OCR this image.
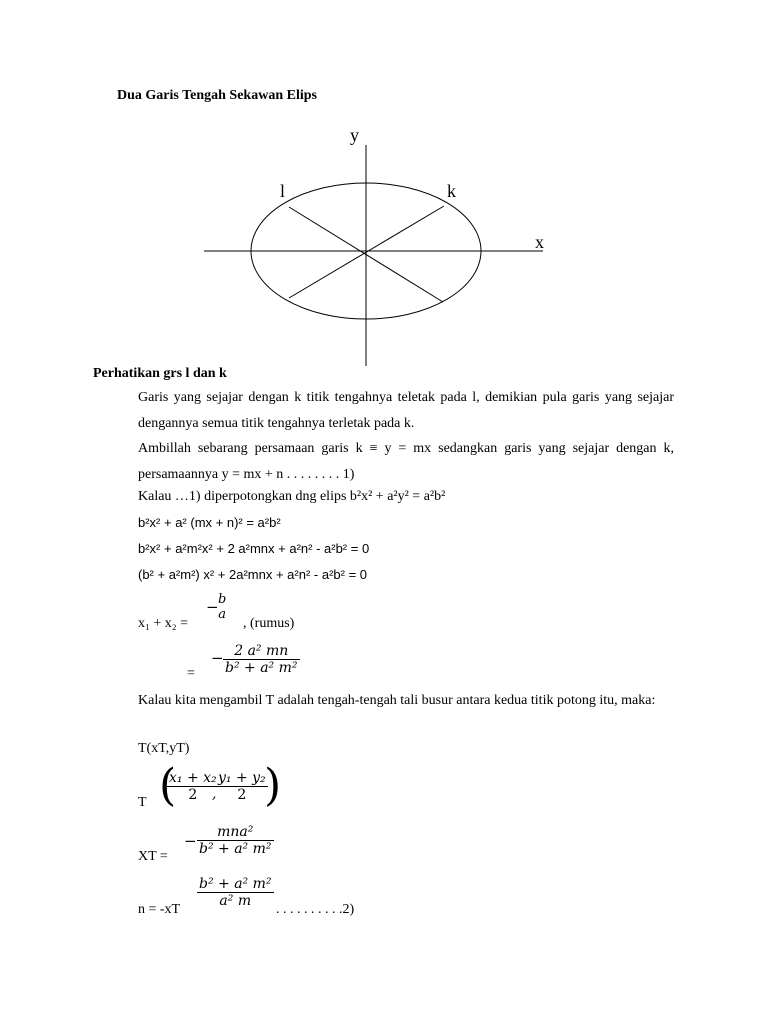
Dua Garis Tengah Sekawan Elips
y
x
l	k
Perhatikan grs l dan k
Garis yang sejajar dengan k titik tengahnya teletak pada l, demikian pula garis yang sejajar dengannya semua titik tengahnya terletak pada k.
Ambillah sebarang persamaan garis k ≡ y = mx sedangkan garis yang sejajar dengan k, persamaannya y = mx + n . . . . . . . . 1)
Kalau …1) diperpotongkan dng elips b²x² + a²y² = a²b²
b²x² + a² (mx + n)² = a²b²
b²x² + a²m²x² + 2 a²mnx + a²n² - a²b² = 0
(b² + a²m²) x² + 2a²mnx + a²n² - a²b² = 0
x₁ + x₂ =
− b
a
, (rumus)
=
− $\frac{\text{2 a² mn}}{\text{b² + a² m²}}$
Kalau kita mengambil T adalah tengah-tengah tali busur antara kedua titik potong itu, maka:
T(xT,yT)
T (
$\frac{\text{x₁ + x₂}}{2}$
, $\frac{\text{y₁ + y₂}}{2}$
)
XT =
−	mna²
b² + a² m²
n = -xT
$\frac{\text{b² + a² m²}}{\text{a² m}}$
. . . . . . . . . .2)
